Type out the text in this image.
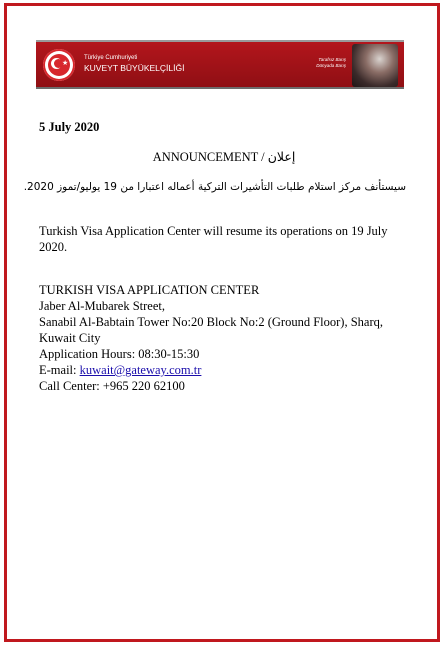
★
Türkiye Cumhuriyeti
KUVEYT BÜYÜKELÇİLİĞİ
Tarafsız Barış
Dünyada Barış
5 July 2020
ANNOUNCEMENT / إعلان
سيستأنف مركز استلام طلبات التأشيرات التركية أعماله اعتبارا من 19 يوليو/تموز 2020.
Turkish Visa Application Center will resume its operations on 19 July 2020.
TURKISH VISA APPLICATION CENTER
Jaber Al-Mubarek Street,
Sanabil Al-Babtain Tower No:20 Block No:2 (Ground Floor), Sharq, Kuwait City
Application Hours: 08:30-15:30
E-mail: kuwait@gateway.com.tr
Call Center: +965 220 62100
